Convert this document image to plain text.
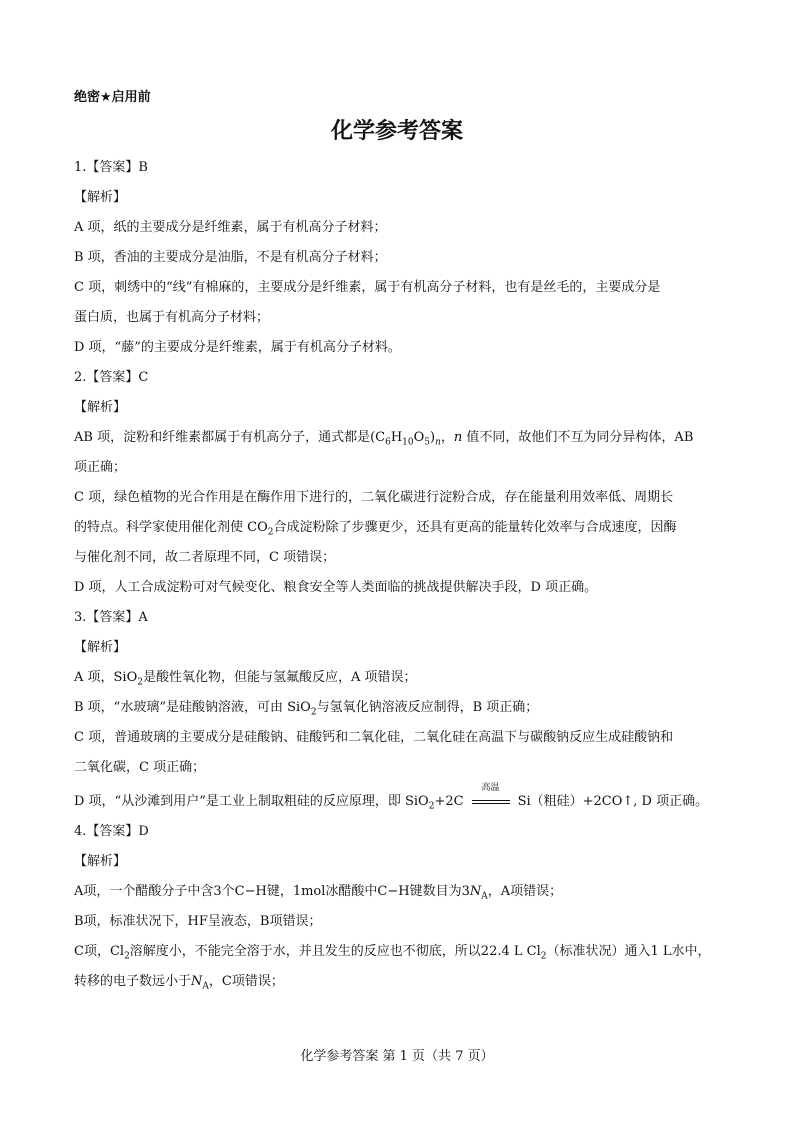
绝密★启用前
化学参考答案

1.【答案】B

【解析】

A 项，纸的主要成分是纤维素，属于有机高分子材料；

B 项，香油的主要成分是油脂，不是有机高分子材料；

C 项，刺绣中的“线”有棉麻的，主要成分是纤维素，属于有机高分子材料，也有是丝毛的，主要成分是

蛋白质，也属于有机高分子材料；

D 项，“藤”的主要成分是纤维素，属于有机高分子材料。

2.【答案】C

【解析】

AB 项，淀粉和纤维素都属于有机高分子，通式都是$(C_6H_{10}O_5)_n$，n 值不同，故他们不互为同分异构体，AB

项正确；

C 项，绿色植物的光合作用是在酶作用下进行的，二氧化碳进行淀粉合成，存在能量利用效率低、周期长

的特点。科学家使用催化剂使 $CO_2$合成淀粉除了步骤更少，还具有更高的能量转化效率与合成速度，因酶

与催化剂不同，故二者原理不同，C 项错误；

D 项，人工合成淀粉可对气候变化、粮食安全等人类面临的挑战提供解决手段，D 项正确。

3.【答案】A

【解析】

A 项，SiO$_2$是酸性氧化物，但能与氢氟酸反应，A 项错误；

B 项，“水玻璃”是硅酸钠溶液，可由 SiO$_2$与氢氧化钠溶液反应制得，B 项正确；

C 项，普通玻璃的主要成分是硅酸钠、硅酸钙和二氧化硅，二氧化硅在高温下与碳酸钠反应生成硅酸钠和

二氧化碳，C 项正确；

D 项，“从沙滩到用户”是工业上制取粗硅的反应原理，即 SiO$_2$+2C
高温
Si（粗硅）+2CO↑, D 项正确。

4.【答案】D

【解析】

A项，一个醋酸分子中含3个C−H键，1mol冰醋酸中C−H键数目为$3N_A$，A项错误；

B项，标准状况下，HF呈液态，B项错误；

C项，$Cl_2$溶解度小，不能完全溶于水，并且发生的反应也不彻底，所以22.4 L $Cl_2$（标准状况）通入1 L水中，

转移的电子数远小于$N_A$，C项错误；

化学参考答案 第 1 页（共 7 页）
